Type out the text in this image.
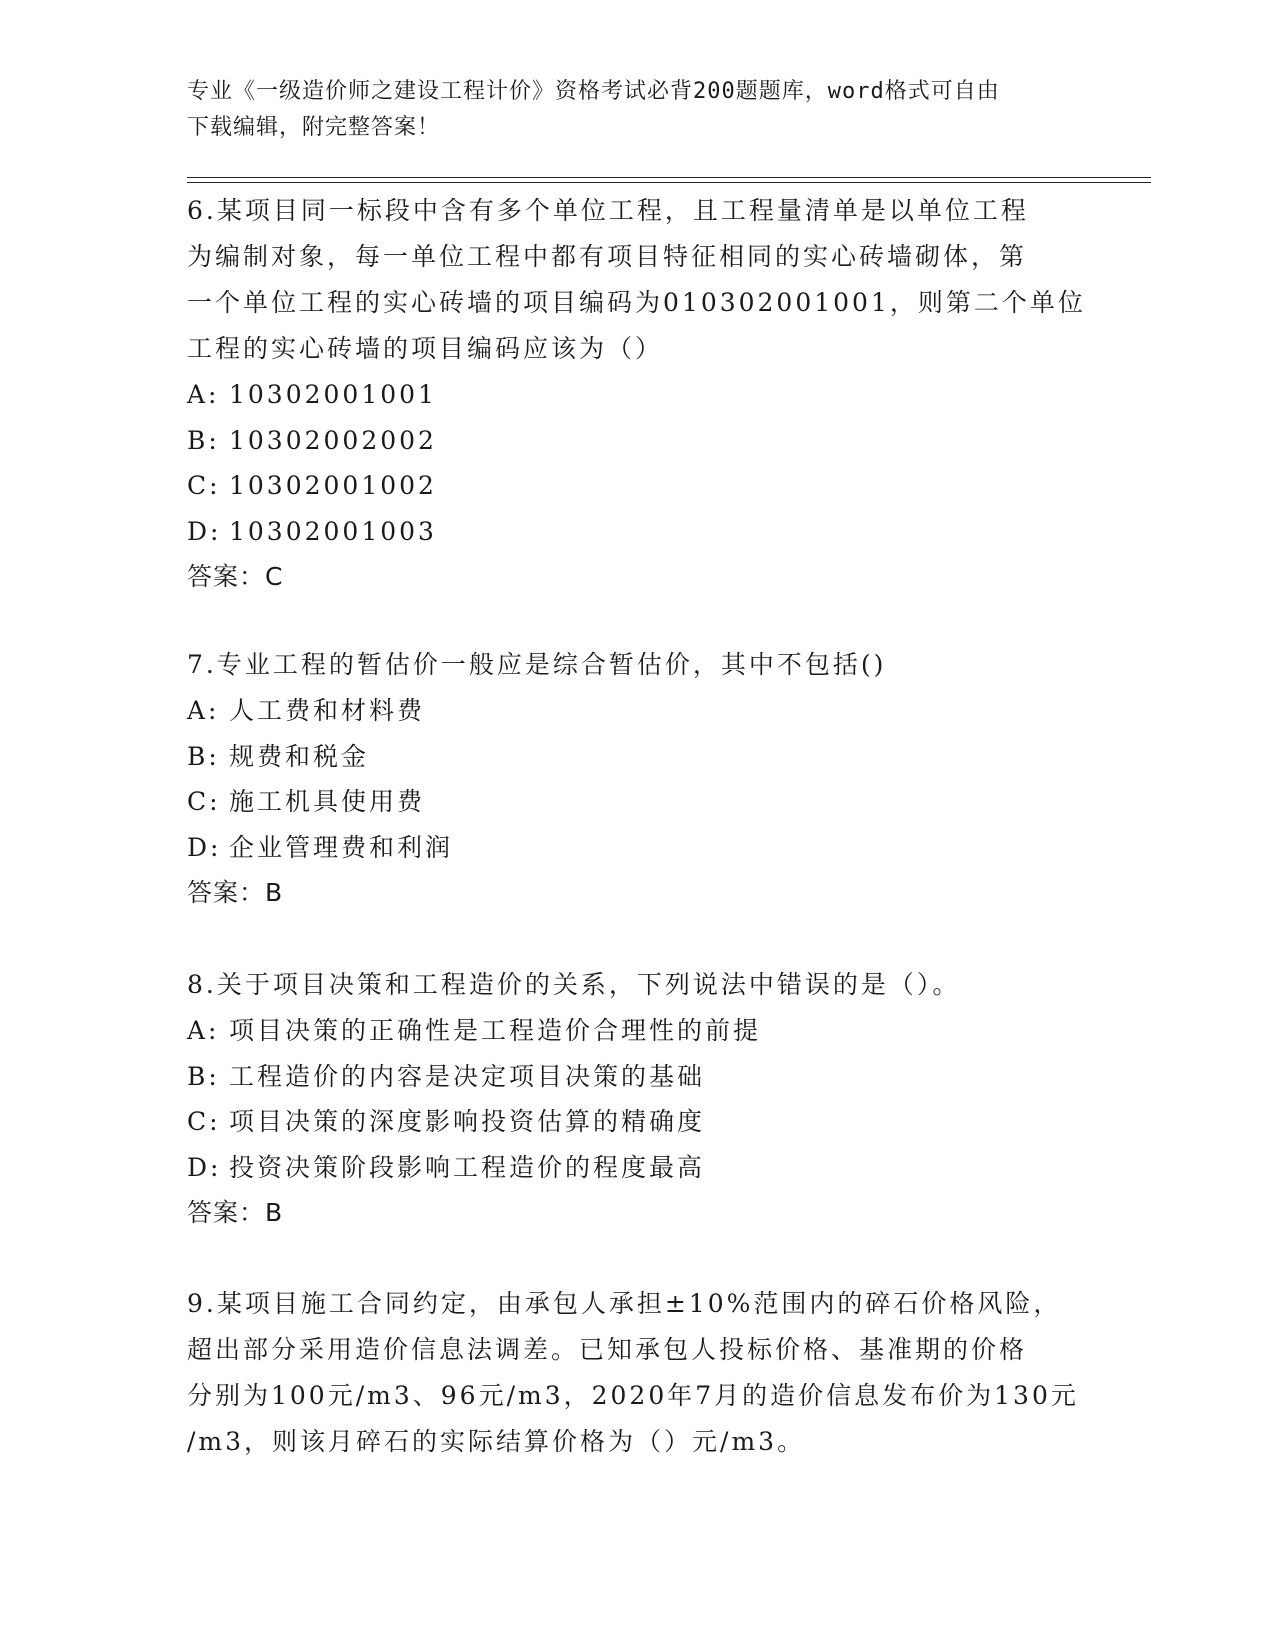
专业《一级造价师之建设工程计价》资格考试必背200题题库，word格式可自由
下载编辑，附完整答案！

6.某项目同一标段中含有多个单位工程，且工程量清单是以单位工程

为编制对象，每一单位工程中都有项目特征相同的实心砖墙砌体，第

一个单位工程的实心砖墙的项目编码为010302001001，则第二个单位

工程的实心砖墙的项目编码应该为（）

A: 10302001001

B: 10302002002

C: 10302001002

D: 10302001003

答案：C

7.专业工程的暂估价一般应是综合暂估价，其中不包括()

A: 人工费和材料费

B: 规费和税金

C: 施工机具使用费

D: 企业管理费和利润

答案：B

8.关于项目决策和工程造价的关系，下列说法中错误的是（）。

A: 项目决策的正确性是工程造价合理性的前提

B: 工程造价的内容是决定项目决策的基础

C: 项目决策的深度影响投资估算的精确度

D: 投资决策阶段影响工程造价的程度最高

答案：B

9.某项目施工合同约定，由承包人承担±10%范围内的碎石价格风险，

超出部分采用造价信息法调差。已知承包人投标价格、基准期的价格

分别为100元/m3、96元/m3，2020年7月的造价信息发布价为130元

/m3，则该月碎石的实际结算价格为（）元/m3。
